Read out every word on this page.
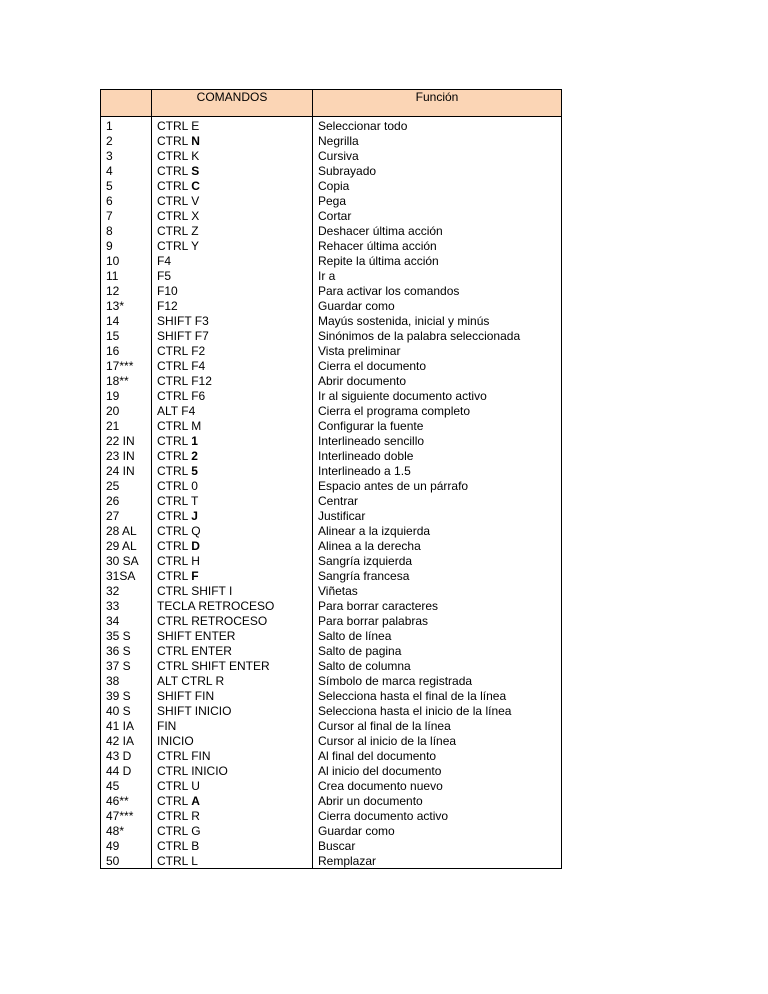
	COMANDOS	Función
1	CTRL E	Seleccionar todo
2	CTRL N	Negrilla
3	CTRL K	Cursiva
4	CTRL S	Subrayado
5	CTRL C	Copia
6	CTRL V	Pega
7	CTRL X	Cortar
8	CTRL Z	Deshacer última acción
9	CTRL Y	Rehacer última acción
10	F4	Repite la última acción
11	F5	Ir a
12	F10	Para activar los comandos
13*	F12	Guardar como
14	SHIFT F3	Mayús sostenida, inicial y minús
15	SHIFT F7	Sinónimos de la palabra seleccionada
16	CTRL F2	Vista preliminar
17***	CTRL F4	Cierra el documento
18**	CTRL F12	Abrir documento
19	CTRL F6	Ir al siguiente documento activo
20	ALT F4	Cierra el programa completo
21	CTRL M	Configurar la fuente
22 IN	CTRL 1	Interlineado sencillo
23 IN	CTRL 2	Interlineado doble
24 IN	CTRL 5	Interlineado a 1.5
25	CTRL 0	Espacio antes de un párrafo
26	CTRL T	Centrar
27	CTRL J	Justificar
28 AL	CTRL Q	Alinear a la izquierda
29 AL	CTRL D	Alinea a la derecha
30 SA	CTRL H	Sangría izquierda
31SA	CTRL F	Sangría francesa
32	CTRL SHIFT I	Viñetas
33	TECLA RETROCESO	Para borrar caracteres
34	CTRL RETROCESO	Para borrar palabras
35 S	SHIFT ENTER	Salto de línea
36 S	CTRL ENTER	Salto de pagina
37 S	CTRL SHIFT ENTER	Salto de columna
38	ALT CTRL R	Símbolo de marca registrada
39 S	SHIFT FIN	Selecciona hasta el final de la línea
40 S	SHIFT INICIO	Selecciona hasta el inicio de la línea
41 IA	FIN	Cursor al final de la línea
42 IA	INICIO	Cursor al inicio de la línea
43 D	CTRL FIN	Al final del documento
44 D	CTRL INICIO	Al inicio del documento
45	CTRL U	Crea documento nuevo
46**	CTRL A	Abrir un documento
47***	CTRL R	Cierra documento activo
48*	CTRL G	Guardar como
49	CTRL B	Buscar
50	CTRL L	Remplazar
